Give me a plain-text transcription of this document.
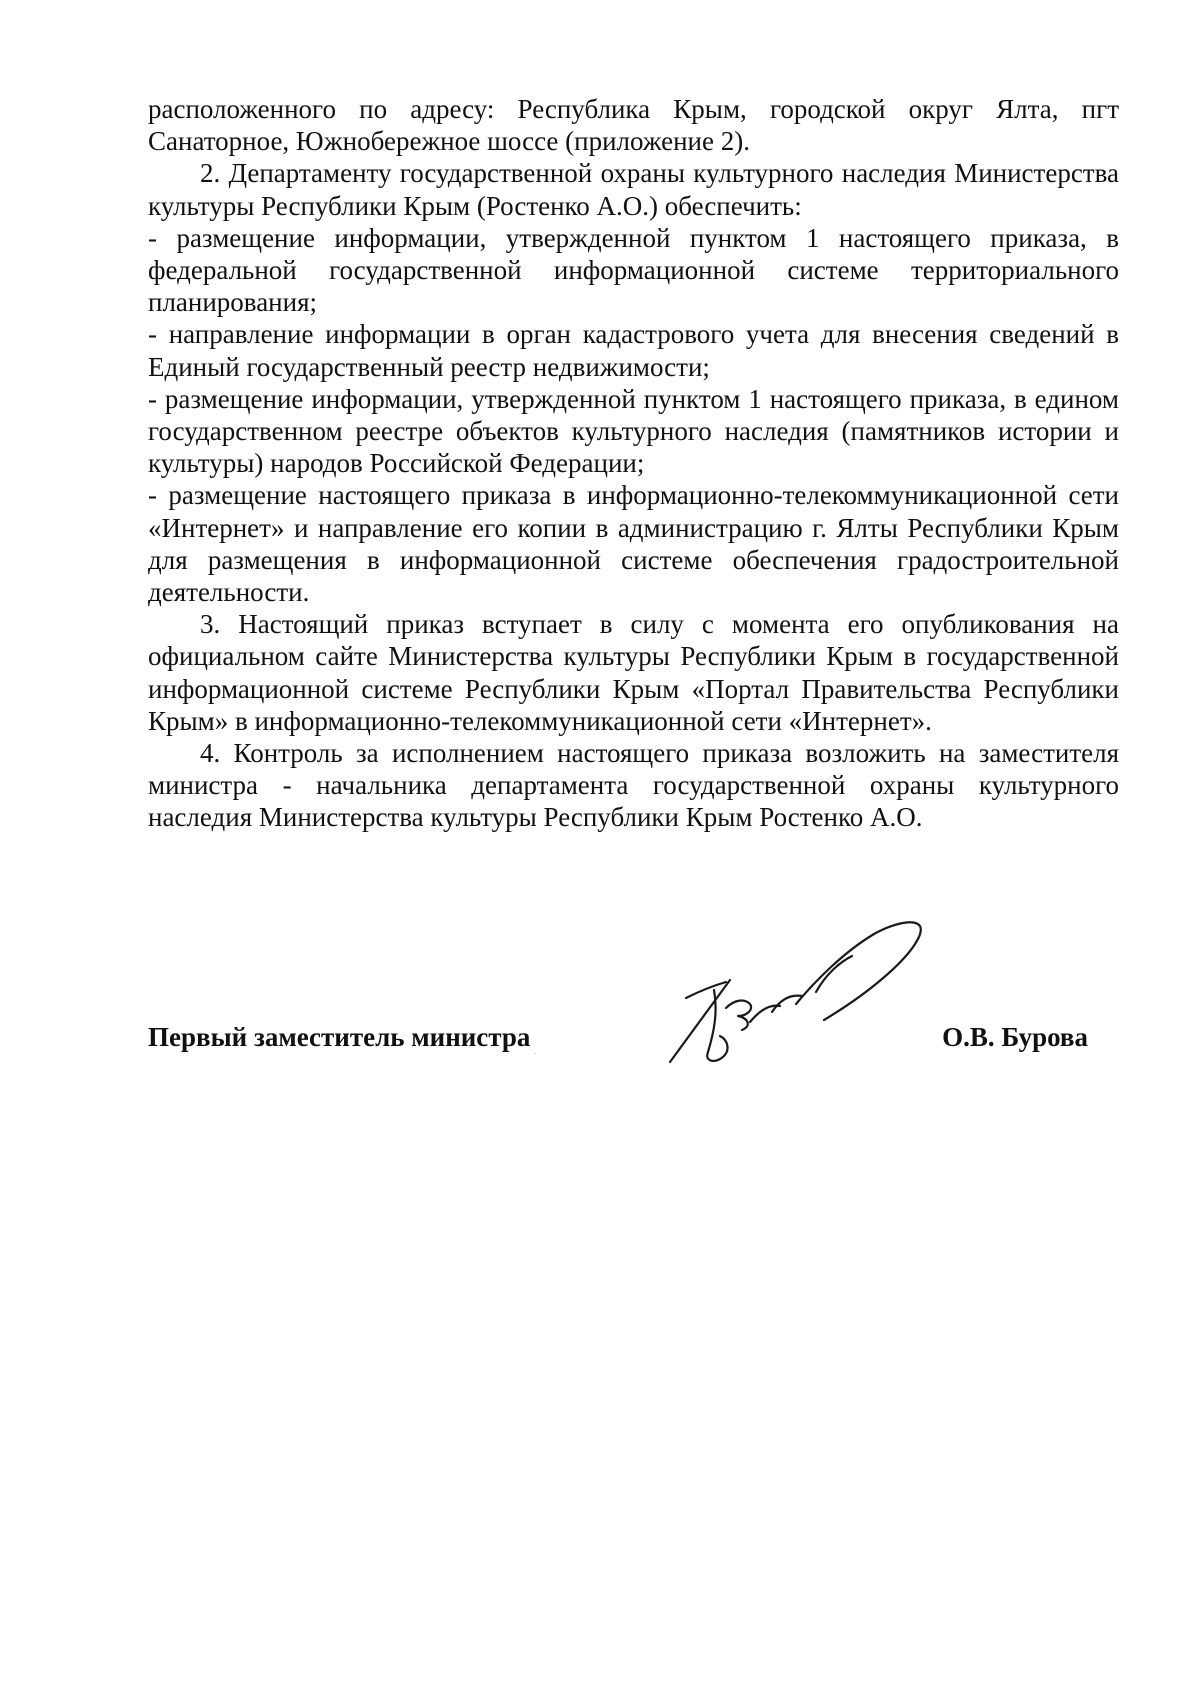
расположенного по адресу: Республика Крым, городской округ Ялта, пгт Санаторное, Южнобережное шоссе (приложение 2).

2. Департаменту государственной охраны культурного наследия Министерства культуры Республики Крым (Ростенко А.О.) обеспечить:

- размещение информации, утвержденной пунктом 1 настоящего приказа, в федеральной государственной информационной системе территориального планирования;

- направление информации в орган кадастрового учета для внесения сведений в Единый государственный реестр недвижимости;

- размещение информации, утвержденной пунктом 1 настоящего приказа, в едином государственном реестре объектов культурного наследия (памятников истории и культуры) народов Российской Федерации;

- размещение настоящего приказа в информационно-телекоммуникационной сети «Интернет» и направление его копии в администрацию г. Ялты Республики Крым для размещения в информационной системе обеспечения градостроительной деятельности.

3. Настоящий приказ вступает в силу с момента его опубликования на официальном сайте Министерства культуры Республики Крым в государственной информационной системе Республики Крым «Портал Правительства Республики Крым» в информационно-телекоммуникационной сети «Интернет».

4. Контроль за исполнением настоящего приказа возложить на заместителя министра - начальника департамента государственной охраны культурного наследия Министерства культуры Республики Крым Ростенко А.О.

Первый заместитель министра	О.В. Бурова
